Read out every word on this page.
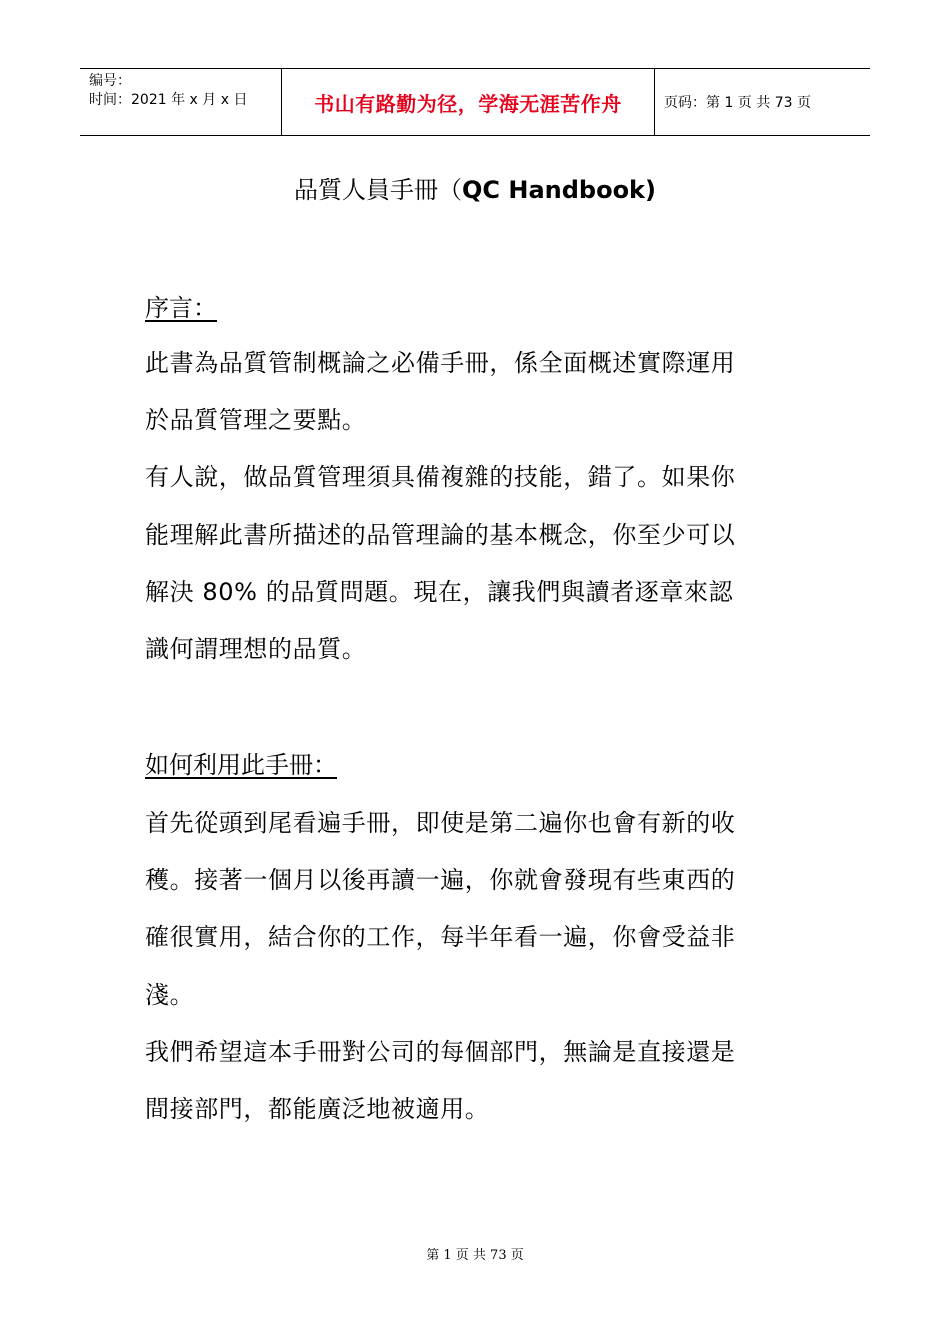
编号：
时间：2021 年 x 月 x 日	书山有路勤为径，学海无涯苦作舟	页码：第 1 页 共 73 页
品質人員手冊（QC Handbook)
序言：
此書為品質管制概論之必備手冊，係全面概述實際運用
於品質管理之要點。
有人說，做品質管理須具備複雜的技能，錯了。如果你
能理解此書所描述的品管理論的基本概念，你至少可以
解決 80% 的品質問題。現在，讓我們與讀者逐章來認
識何謂理想的品質。
如何利用此手冊：
首先從頭到尾看遍手冊，即使是第二遍你也會有新的收
穫。接著一個月以後再讀一遍，你就會發現有些東西的
確很實用，結合你的工作，每半年看一遍，你會受益非
淺。
我們希望這本手冊對公司的每個部門，無論是直接還是
間接部門，都能廣泛地被適用。
第 1 页 共 73 页
